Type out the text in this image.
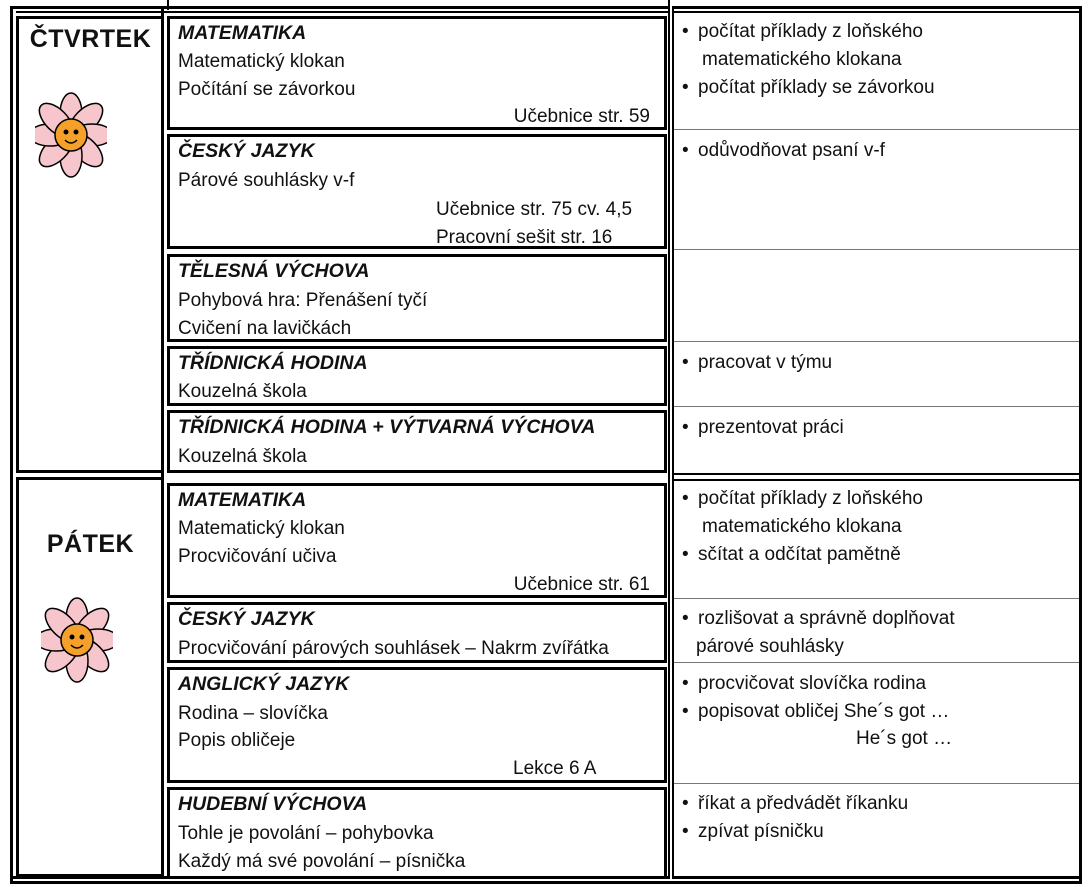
ČTVRTEK
PÁTEK
MATEMATIKA
Matematický klokan
Počítání se závorkou
Učebnice str. 59
ČESKÝ JAZYK
Párové souhlásky v-f
Učebnice str. 75 cv. 4,5
Pracovní sešit str. 16
TĚLESNÁ VÝCHOVA
Pohybová hra: Přenášení tyčí
Cvičení na lavičkách
TŘÍDNICKÁ HODINA
Kouzelná škola
TŘÍDNICKÁ HODINA + VÝTVARNÁ VÝCHOVA
Kouzelná škola
MATEMATIKA
Matematický klokan
Procvičování učiva
Učebnice str. 61
ČESKÝ JAZYK
Procvičování párových souhlásek – Nakrm zvířátka
ANGLICKÝ JAZYK
Rodina – slovíčka
Popis obličeje
Lekce 6 A
HUDEBNÍ VÝCHOVA
Tohle je povolání – pohybovka
Každý má své povolání – písnička
• počítat příklady z loňského
matematického klokana
• počítat příklady se závorkou
• odůvodňovat psaní v-f
• pracovat v týmu
• prezentovat práci
• počítat příklady z loňského
matematického klokana
• sčítat a odčítat pamětně
• rozlišovat a správně doplňovat
párové souhlásky
• procvičovat slovíčka rodina
• popisovat obličej She´s got …
He´s got …
• říkat a předvádět říkanku
• zpívat písničku
